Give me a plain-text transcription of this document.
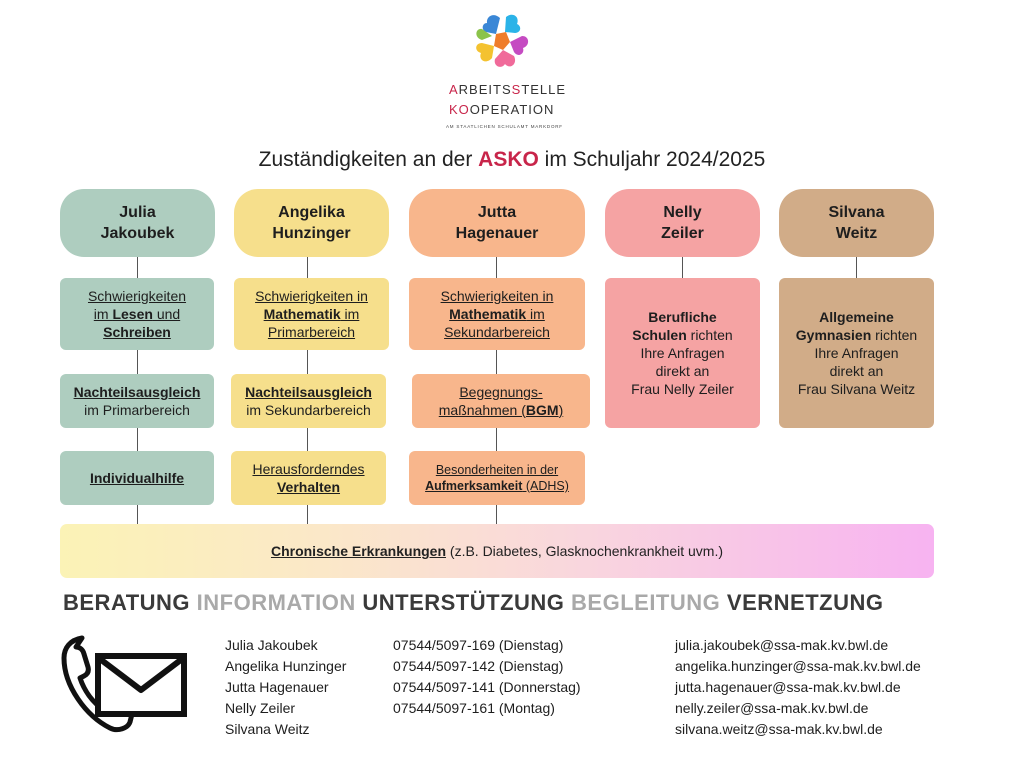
ARBEITSSTELLE
KOOPERATION
AM STAATLICHEN SCHULAMT MARKDORF
Zuständigkeiten an der ASKO im Schuljahr 2024/2025
Julia
Jakoubek
Angelika
Hunzinger
Jutta
Hagenauer
Nelly
Zeiler
Silvana
Weitz
Schwierigkeiten
im Lesen und
Schreiben
Nachteilsausgleich
im Primarbereich
Individualhilfe
Schwierigkeiten in
Mathematik im
Primarbereich
Nachteilsausgleich
im Sekundarbereich
Herausforderndes
Verhalten
Schwierigkeiten in
Mathematik im
Sekundarbereich
Begegnungs-
maßnahmen (BGM)
Besonderheiten in der
Aufmerksamkeit (ADHS)
Berufliche
Schulen richten
Ihre Anfragen
direkt an
Frau Nelly Zeiler
Allgemeine
Gymnasien richten
Ihre Anfragen
direkt an
Frau Silvana Weitz
Chronische Erkrankungen (z.B. Diabetes, Glasknochenkrankheit uvm.)
BERATUNG INFORMATION UNTERSTÜTZUNG BEGLEITUNG VERNETZUNG
Julia Jakoubek
Angelika Hunzinger
Jutta Hagenauer
Nelly Zeiler
Silvana Weitz
07544/5097-169 (Dienstag)
07544/5097-142 (Dienstag)
07544/5097-141 (Donnerstag)
07544/5097-161 (Montag)
julia.jakoubek@ssa-mak.kv.bwl.de
angelika.hunzinger@ssa-mak.kv.bwl.de
jutta.hagenauer@ssa-mak.kv.bwl.de
nelly.zeiler@ssa-mak.kv.bwl.de
silvana.weitz@ssa-mak.kv.bwl.de
